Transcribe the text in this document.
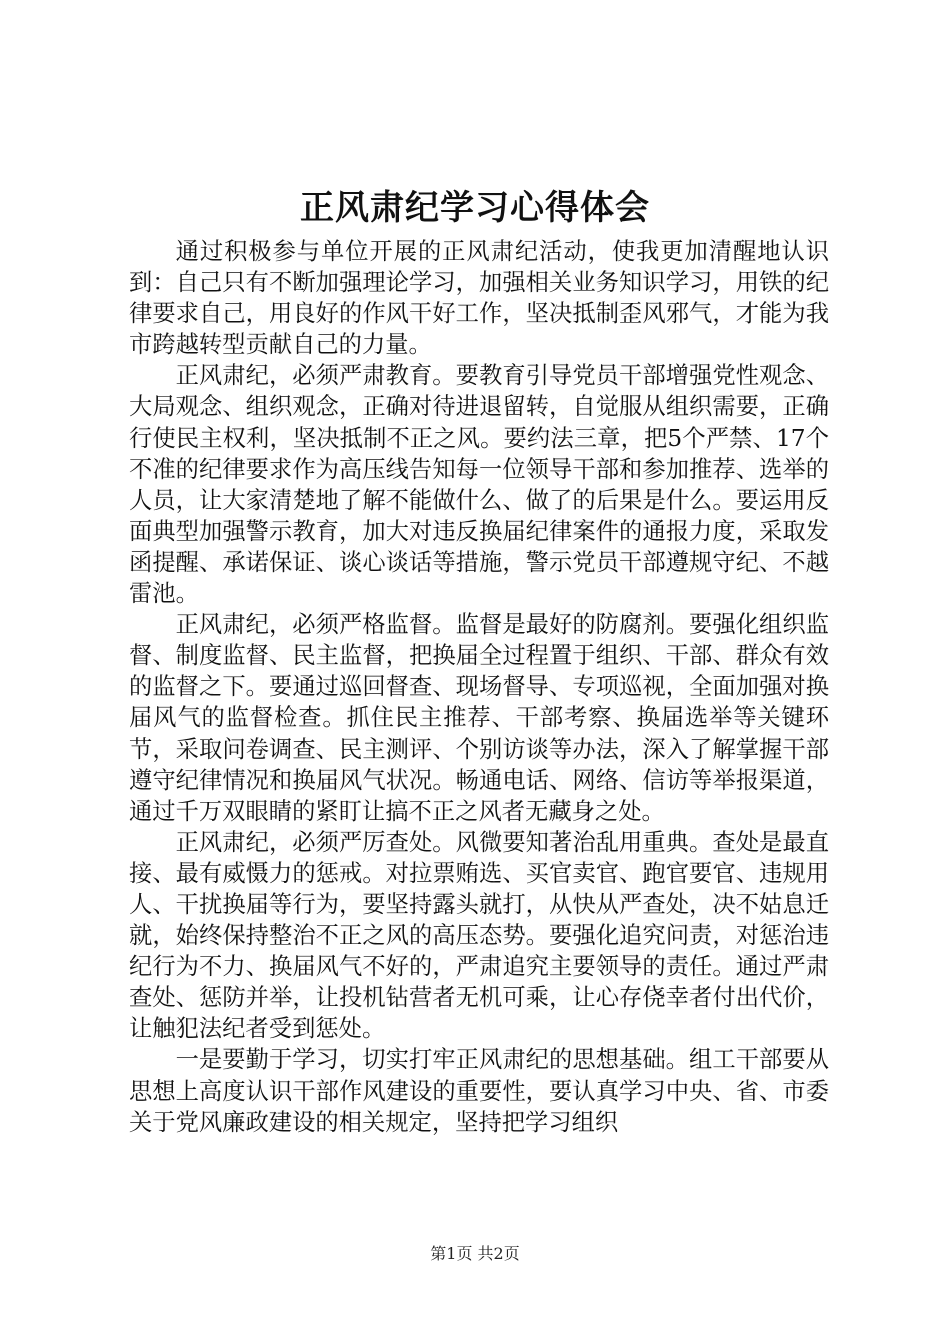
正风肃纪学习心得体会

通过积极参与单位开展的正风肃纪活动，使我更加清醒地认识到：自己只有不断加强理论学习，加强相关业务知识学习，用铁的纪律要求自己，用良好的作风干好工作，坚决抵制歪风邪气，才能为我市跨越转型贡献自己的力量。

正风肃纪，必须严肃教育。要教育引导党员干部增强党性观念、大局观念、组织观念，正确对待进退留转，自觉服从组织需要，正确行使民主权利，坚决抵制不正之风。要约法三章，把5个严禁、17个不准的纪律要求作为高压线告知每一位领导干部和参加推荐、选举的人员，让大家清楚地了解不能做什么、做了的后果是什么。要运用反面典型加强警示教育，加大对违反换届纪律案件的通报力度，采取发函提醒、承诺保证、谈心谈话等措施，警示党员干部遵规守纪、不越雷池。

正风肃纪，必须严格监督。监督是最好的防腐剂。要强化组织监督、制度监督、民主监督，把换届全过程置于组织、干部、群众有效的监督之下。要通过巡回督查、现场督导、专项巡视，全面加强对换届风气的监督检查。抓住民主推荐、干部考察、换届选举等关键环节，采取问卷调查、民主测评、个别访谈等办法，深入了解掌握干部遵守纪律情况和换届风气状况。畅通电话、网络、信访等举报渠道，通过千万双眼睛的紧盯让搞不正之风者无藏身之处。

正风肃纪，必须严厉查处。风微要知著治乱用重典。查处是最直接、最有威慑力的惩戒。对拉票贿选、买官卖官、跑官要官、违规用人、干扰换届等行为，要坚持露头就打，从快从严查处，决不姑息迁就，始终保持整治不正之风的高压态势。要强化追究问责，对惩治违纪行为不力、换届风气不好的，严肃追究主要领导的责任。通过严肃查处、惩防并举，让投机钻营者无机可乘，让心存侥幸者付出代价，让触犯法纪者受到惩处。

一是要勤于学习，切实打牢正风肃纪的思想基础。组工干部要从思想上高度认识干部作风建设的重要性，要认真学习中央、省、市委关于党风廉政建设的相关规定，坚持把学习组织

第1页 共2页
